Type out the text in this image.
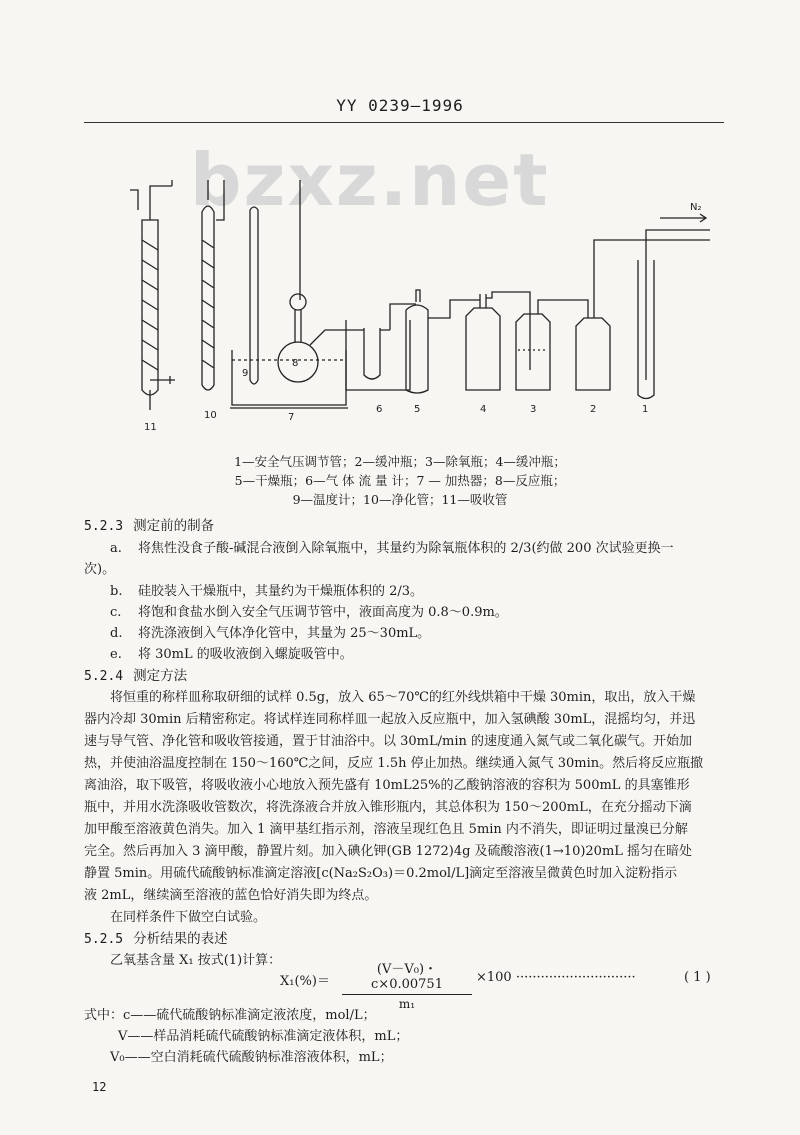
YY 0239—1996
bzxz.net
11
10	7
6	5	4	3	2	1
9
8
N₂
1—安全气压调节管；2—缓冲瓶；3—除氧瓶；4—缓冲瓶；
5—干燥瓶；6—气 体 流 量 计；7 — 加热器；8—反应瓶；
9—温度计；10—净化管；11—吸收管
5.2.3 测定前的制备
a. 将焦性没食子酸-碱混合液倒入除氧瓶中，其量约为除氧瓶体积的 2/3(约做 200 次试验更换一
次)。
b. 硅胶装入干燥瓶中，其量约为干燥瓶体积的 2/3。
c. 将饱和食盐水倒入安全气压调节管中，液面高度为 0.8～0.9m。
d. 将洗涤液倒入气体净化管中，其量为 25～30mL。
e. 将 30mL 的吸收液倒入螺旋吸管中。
5.2.4 测定方法
将恒重的称样皿称取研细的试样 0.5g，放入 65～70℃的红外线烘箱中干燥 30min，取出，放入干燥
器内冷却 30min 后精密称定。将试样连同称样皿一起放入反应瓶中，加入氢碘酸 30mL，混摇均匀，并迅
速与导气管、净化管和吸收管接通，置于甘油浴中。以 30mL/min 的速度通入氮气或二氧化碳气。开始加
热，并使油浴温度控制在 150～160℃之间，反应 1.5h 停止加热。继续通入氮气 30min。然后将反应瓶撤
离油浴，取下吸管，将吸收液小心地放入预先盛有 10mL25%的乙酸钠溶液的容积为 500mL 的具塞锥形
瓶中，并用水洗涤吸收管数次，将洗涤液合并放入锥形瓶内，其总体积为 150～200mL，在充分摇动下滴
加甲酸至溶液黄色消失。加入 1 滴甲基红指示剂，溶液呈现红色且 5min 内不消失，即证明过量溴已分解
完全。然后再加入 3 滴甲酸，静置片刻。加入碘化钾(GB 1272)4g 及硫酸溶液(1→10)20mL 摇匀在暗处
静置 5min。用硫代硫酸钠标准滴定溶液[c(Na₂S₂O₃)＝0.2mol/L]滴定至溶液呈微黄色时加入淀粉指示
液 2mL，继续滴至溶液的蓝色恰好消失即为终点。
在同样条件下做空白试验。
5.2.5 分析结果的表述
乙氧基含量 X₁ 按式(1)计算：
$X_1(\%)= \frac{\text{(V－V₀)・c×0.00751}}{\text{m₁}} \times 100$ ·····························	( 1 )
式中：c——硫代硫酸钠标准滴定液浓度，mol/L；
V——样品消耗硫代硫酸钠标准滴定液体积，mL；
V₀——空白消耗硫代硫酸钠标准溶液体积，mL；
12
